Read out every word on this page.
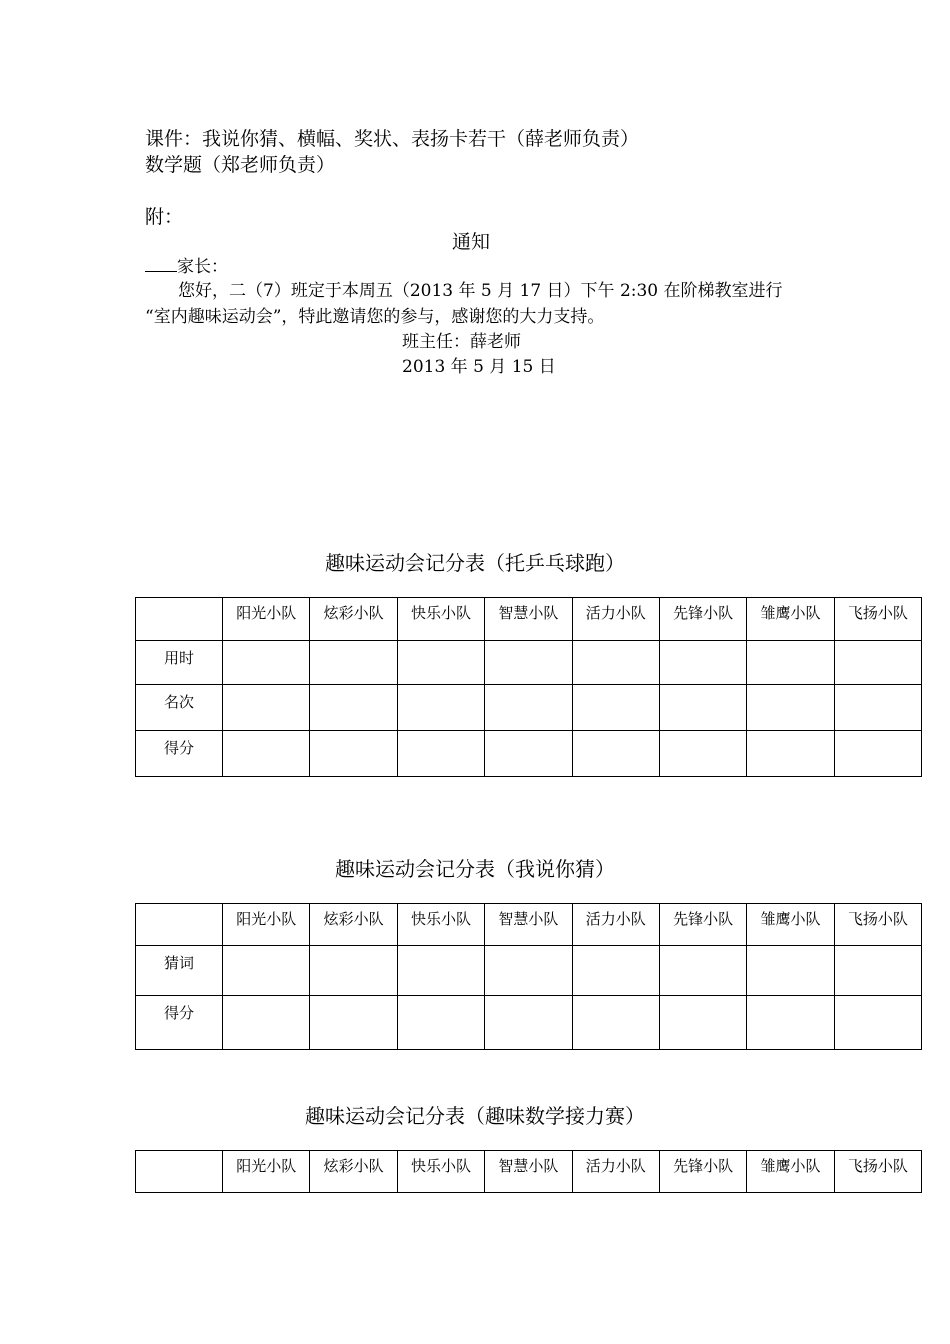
课件：我说你猜、横幅、奖状、表扬卡若干（薛老师负责）
数学题（郑老师负责）
附：
通知
家长：
您好，二（7）班定于本周五（2013 年 5 月 17 日）下午 2:30 在阶梯教室进行
“室内趣味运动会”，特此邀请您的参与，感谢您的大力支持。
班主任：薛老师
2013 年 5 月 15 日
趣味运动会记分表（托乒乓球跑）
	阳光小队	炫彩小队	快乐小队	智慧小队	活力小队	先锋小队	雏鹰小队	飞扬小队
用时								
名次								
得分								
趣味运动会记分表（我说你猜）
	阳光小队	炫彩小队	快乐小队	智慧小队	活力小队	先锋小队	雏鹰小队	飞扬小队
猜词								
得分								
趣味运动会记分表（趣味数学接力赛）
	阳光小队	炫彩小队	快乐小队	智慧小队	活力小队	先锋小队	雏鹰小队	飞扬小队
